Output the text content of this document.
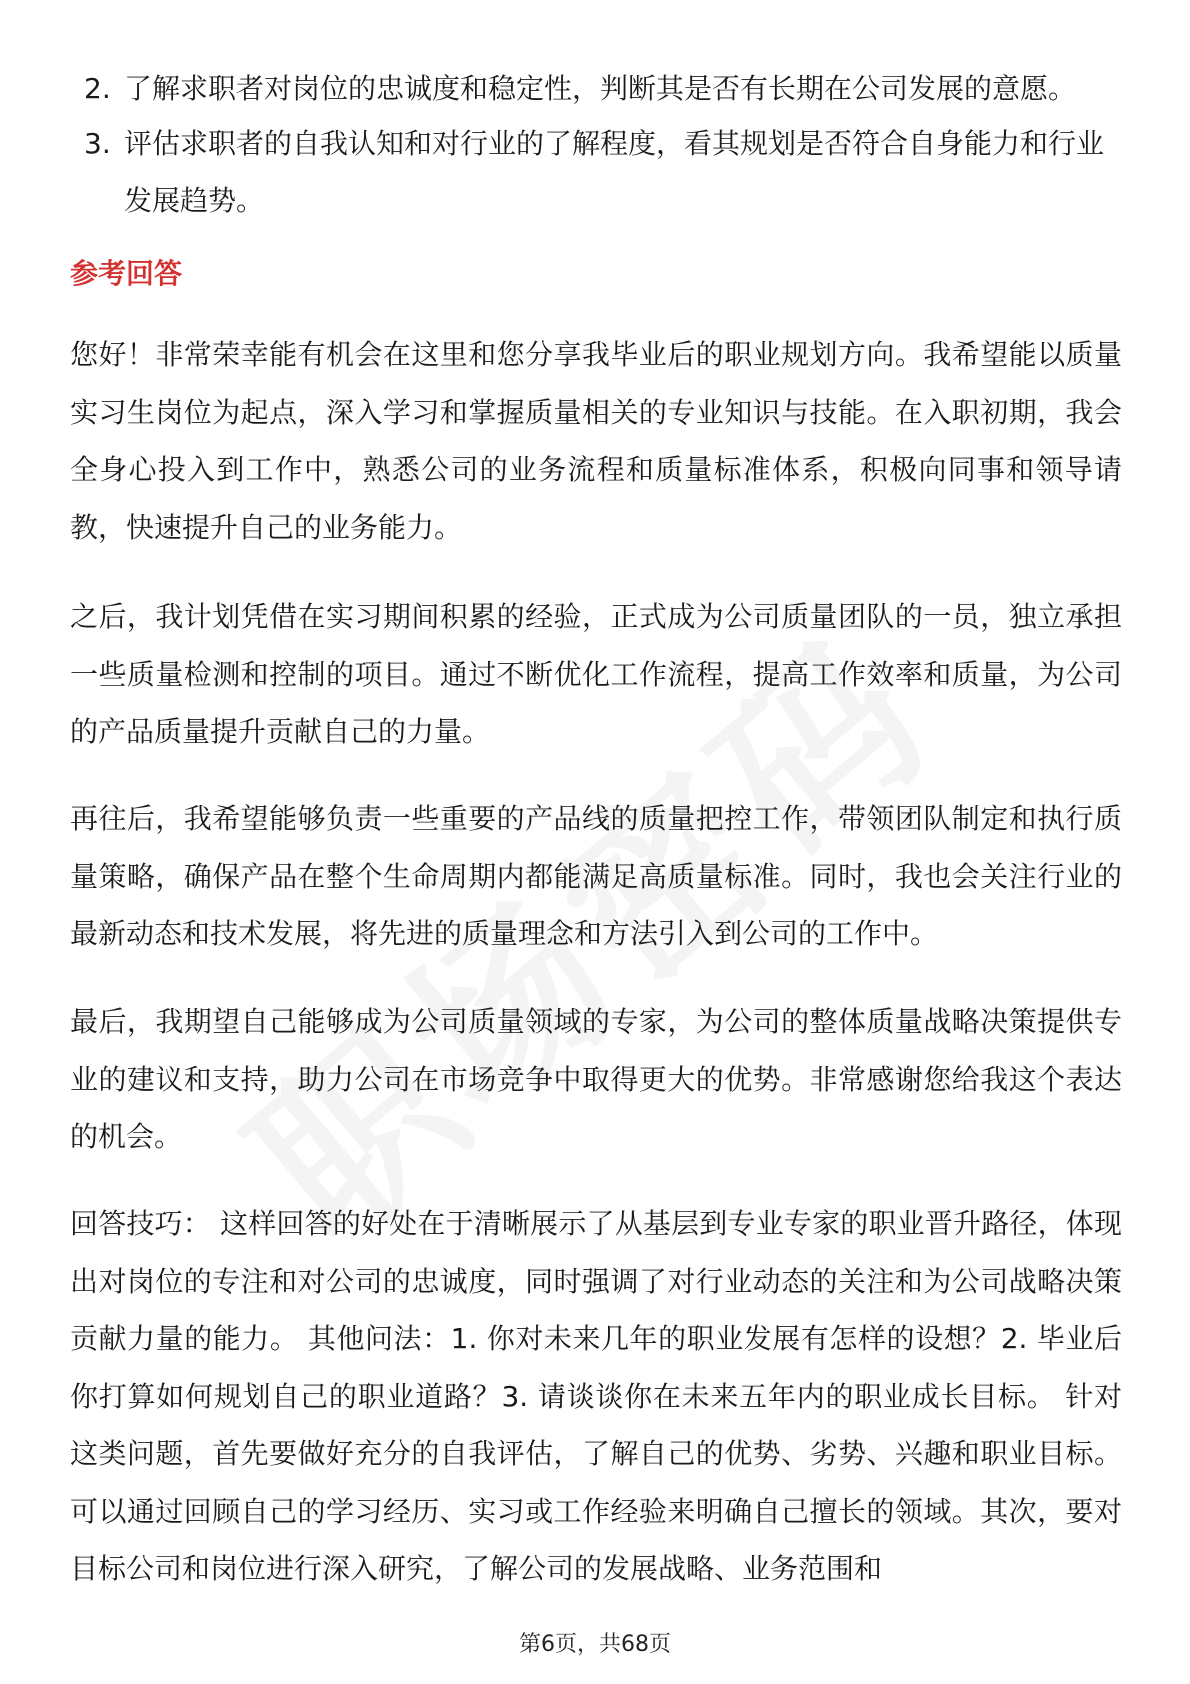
2. 了解求职者对岗位的忠诚度和稳定性，判断其是否有长期在公司发展的意愿。
3. 评估求职者的自我认知和对行业的了解程度，看其规划是否符合自身能力和行业发展趋势。
参考回答

您好！非常荣幸能有机会在这里和您分享我毕业后的职业规划方向。我希望能以质量实习生岗位为起点，深入学习和掌握质量相关的专业知识与技能。在入职初期，我会全身心投入到工作中，熟悉公司的业务流程和质量标准体系，积极向同事和领导请教，快速提升自己的业务能力。

之后，我计划凭借在实习期间积累的经验，正式成为公司质量团队的一员，独立承担一些质量检测和控制的项目。通过不断优化工作流程，提高工作效率和质量，为公司的产品质量提升贡献自己的力量。

再往后，我希望能够负责一些重要的产品线的质量把控工作，带领团队制定和执行质量策略，确保产品在整个生命周期内都能满足高质量标准。同时，我也会关注行业的最新动态和技术发展，将先进的质量理念和方法引入到公司的工作中。

最后，我期望自己能够成为公司质量领域的专家，为公司的整体质量战略决策提供专业的建议和支持，助力公司在市场竞争中取得更大的优势。非常感谢您给我这个表达的机会。

回答技巧： 这样回答的好处在于清晰展示了从基层到专业专家的职业晋升路径，体现出对岗位的专注和对公司的忠诚度，同时强调了对行业动态的关注和为公司战略决策贡献力量的能力。 其他问法：1. 你对未来几年的职业发展有怎样的设想？2. 毕业后你打算如何规划自己的职业道路？3. 请谈谈你在未来五年内的职业成长目标。 针对这类问题，首先要做好充分的自我评估，了解自己的优势、劣势、兴趣和职业目标。可以通过回顾自己的学习经历、实习或工作经验来明确自己擅长的领域。其次，要对目标公司和岗位进行深入研究，了解公司的发展战略、业务范围和

第6页，共68页
